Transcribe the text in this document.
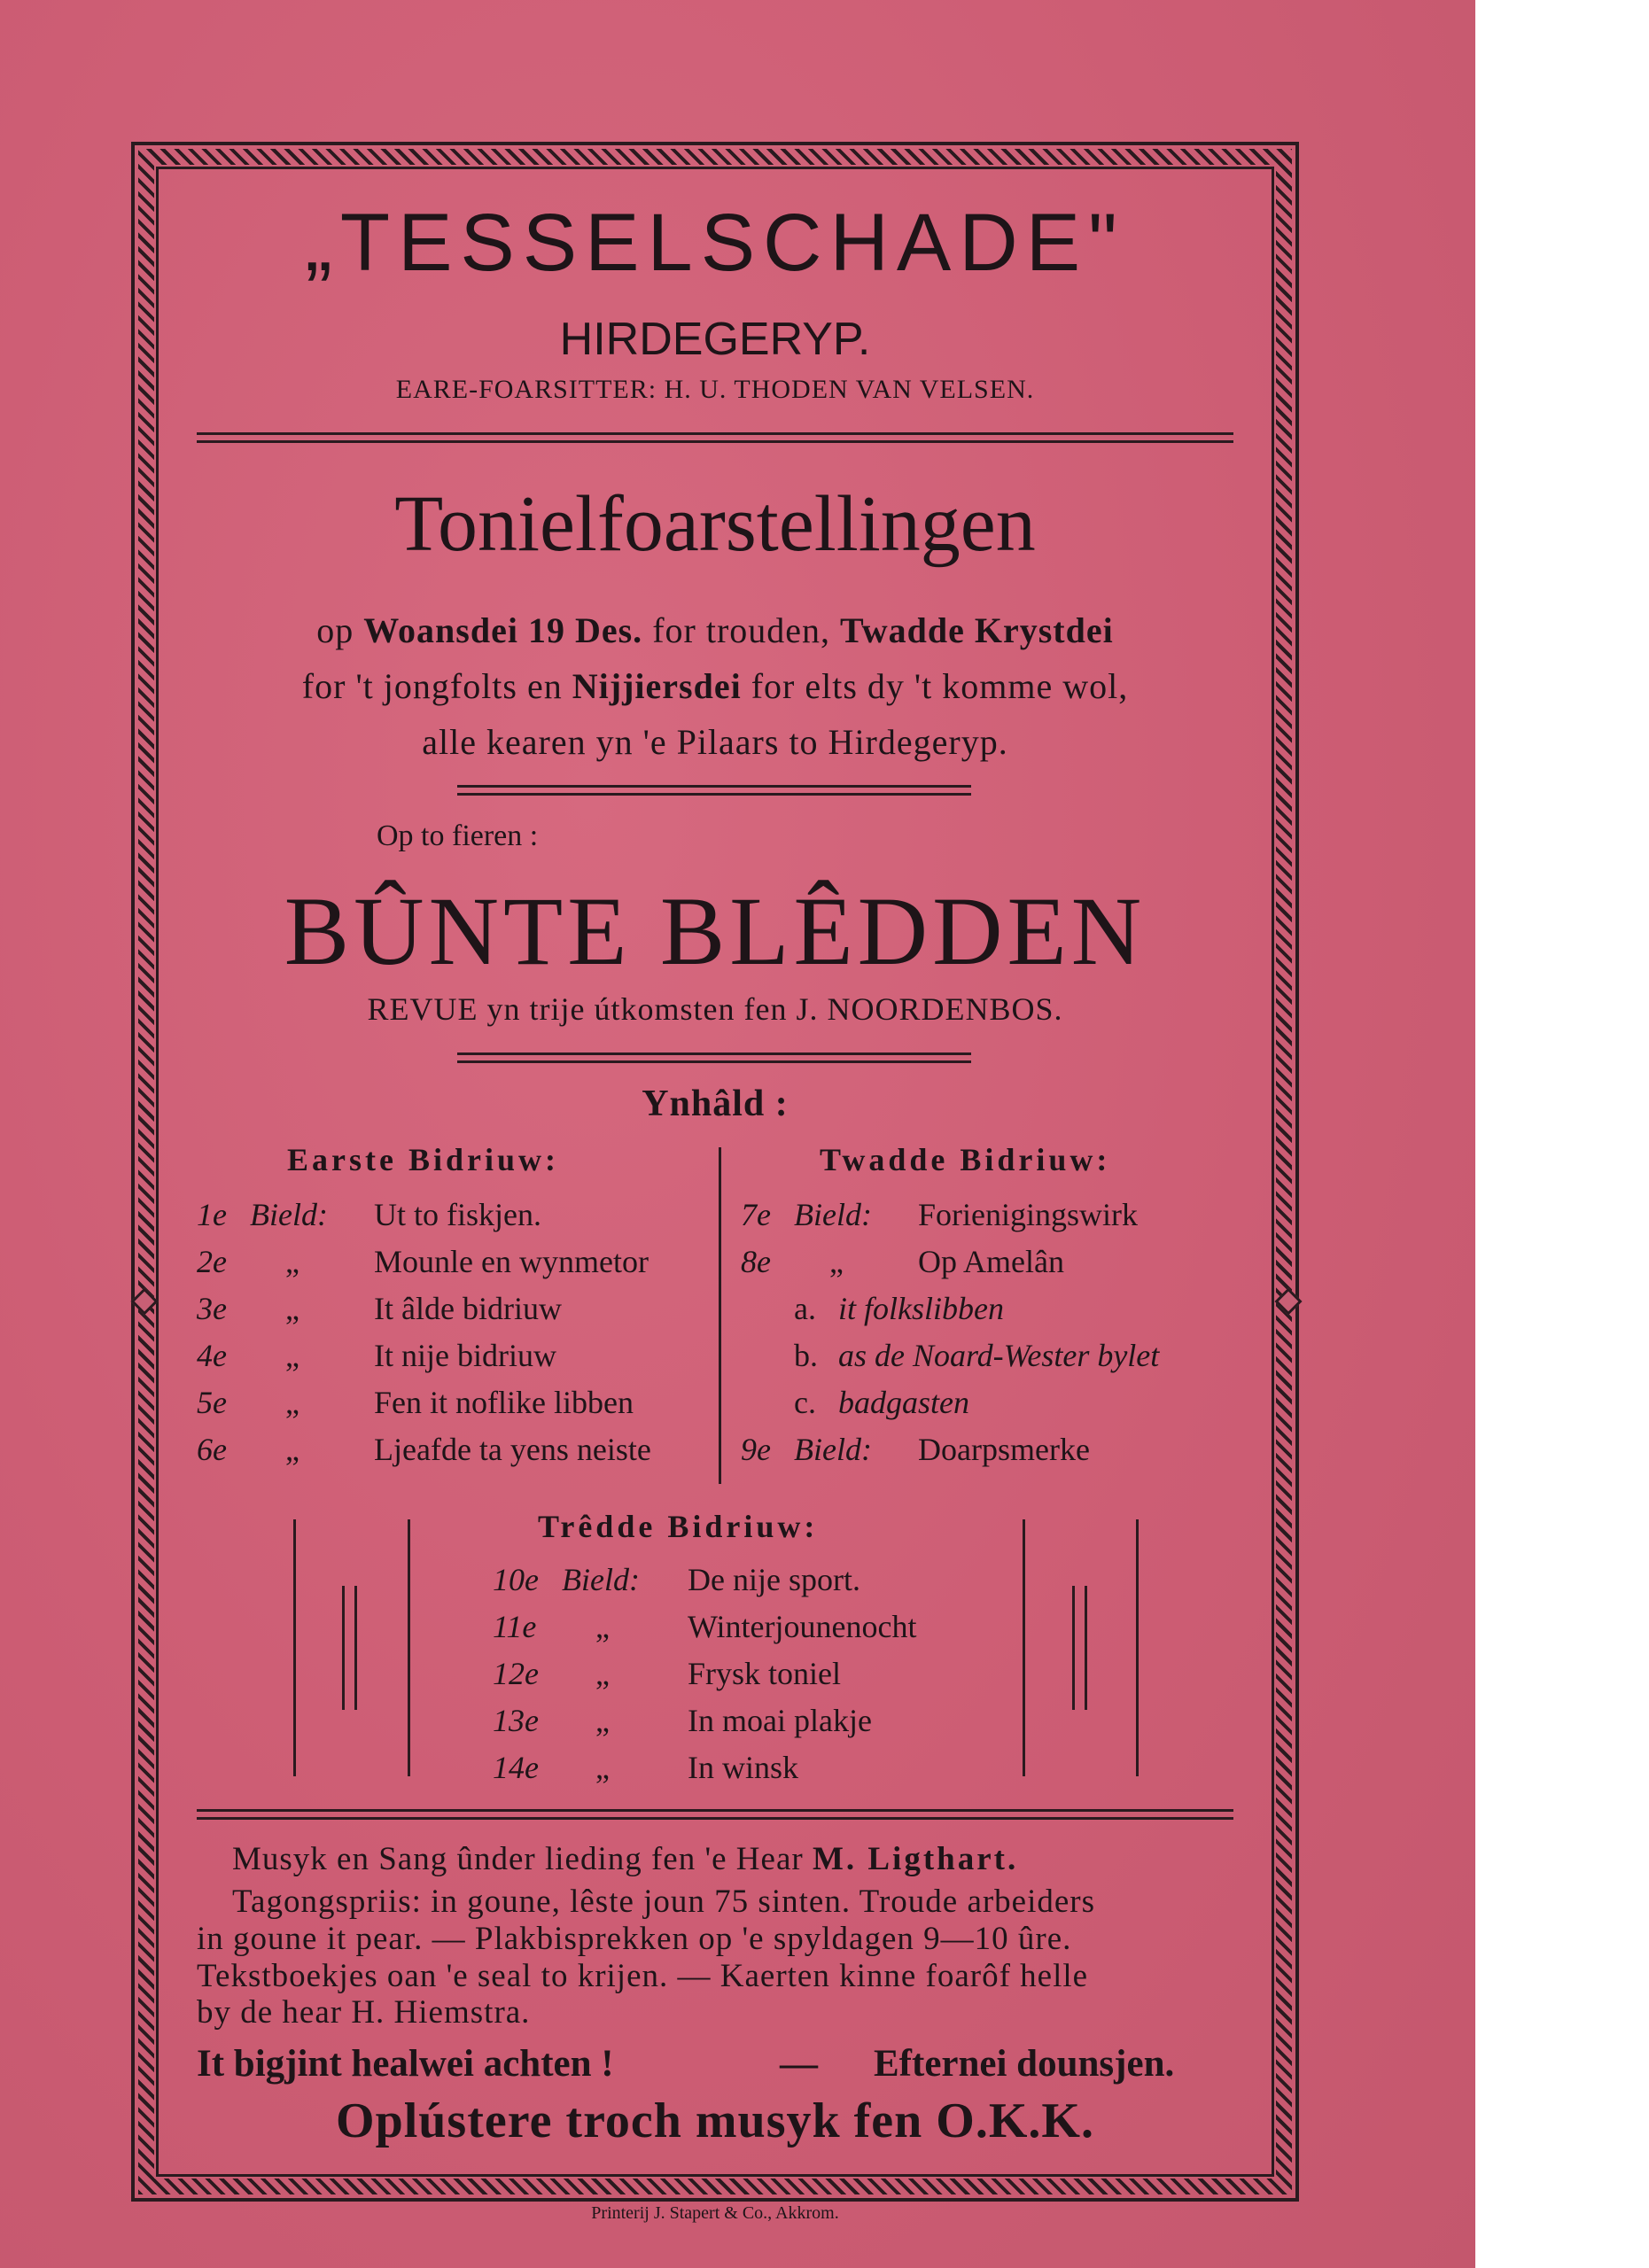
„TESSELSCHADE"
HIRDEGERYP.
EARE-FOARSITTER: H. U. THODEN VAN VELSEN.
Tonielfoarstellingen
op Woansdei 19 Des. for trouden, Twadde Krystdei
for 't jongfolts en Nijjiersdei for elts dy 't komme wol,
alle kearen yn 'e Pilaars to Hirdegeryp.
Op to fieren :
BÛNTE BLÊDDEN
REVUE yn trije útkomsten fen J. NOORDENBOS.
Ynhâld :
Earste Bidriuw:	Twadde Bidriuw:
1e Bield: Ut to fiskjen.
2e „ Mounle en wynmetor
3e „ It âlde bidriuw
4e „ It nije bidriuw
5e „ Fen it noflike libben
6e „ Ljeafde ta yens neiste
7e Bield: Forienigingswirk
8e „ Op Amelân
a. it folkslibben
b. as de Noard-Wester bylet
c. badgasten
9e Bield: Doarpsmerke
Trêdde Bidriuw:
10e Bield: De nije sport.
11e „ Winterjounenocht
12e „ Frysk toniel
13e „ In moai plakje
14e „ In winsk
Musyk en Sang ûnder lieding fen 'e Hear M. Ligthart.
Tagongspriis: in goune, lêste joun 75 sinten. Troude arbeiders
in goune it pear. — Plakbisprekken op 'e spyldagen 9—10 ûre.
Tekstboekjes oan 'e seal to krijen. — Kaerten kinne foarôf helle
by de hear H. Hiemstra.
It bigjint healwei achten !	— Efternei dounsjen.
Oplústere troch musyk fen O.K.K.
Printerij J. Stapert & Co., Akkrom.
